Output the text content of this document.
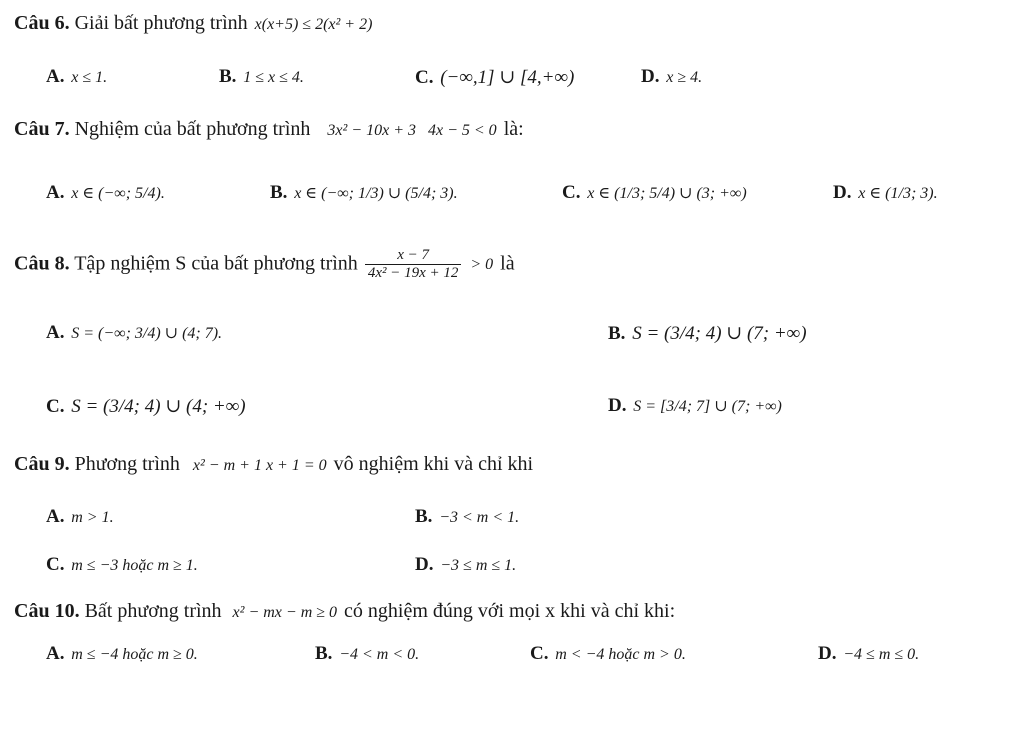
Câu 6. Giải bất phương trình x(x+5) ≤ 2(x² + 2)
A. x ≤ 1.	B. 1 ≤ x ≤ 4.	C. (−∞,1] ∪ [4,+∞)	D. x ≥ 4.
Câu 7. Nghiệm của bất phương trình 3x² − 10x + 3   4x − 5 < 0 là:
A. x ∈ (−∞; 5/4).	B. x ∈ (−∞; 1/3) ∪ (5/4; 3).	C. x ∈ (1/3; 5/4) ∪ (3; +∞)	D. x ∈ (1/3; 3).
Câu 8. Tập nghiệm S của bất phương trình $\frac{x - 7}{\text{4x² − 19x + 12}} > 0$ là
A. S = (−∞; 3/4) ∪ (4; 7).	B. S = (3/4; 4) ∪ (7; +∞)
C. S = (3/4; 4) ∪ (4; +∞)	D. S = [3/4; 7] ∪ (7; +∞)
Câu 9. Phương trình x² − m + 1 x + 1 = 0 vô nghiệm khi và chỉ khi
A. m > 1.	B. −3 < m < 1.
C. m ≤ −3 hoặc m ≥ 1.	D. −3 ≤ m ≤ 1.
Câu 10. Bất phương trình x² − mx − m ≥ 0 có nghiệm đúng với mọi x khi và chỉ khi:
A. m ≤ −4 hoặc m ≥ 0.	B. −4 < m < 0.	C. m < −4 hoặc m > 0.	D. −4 ≤ m ≤ 0.
